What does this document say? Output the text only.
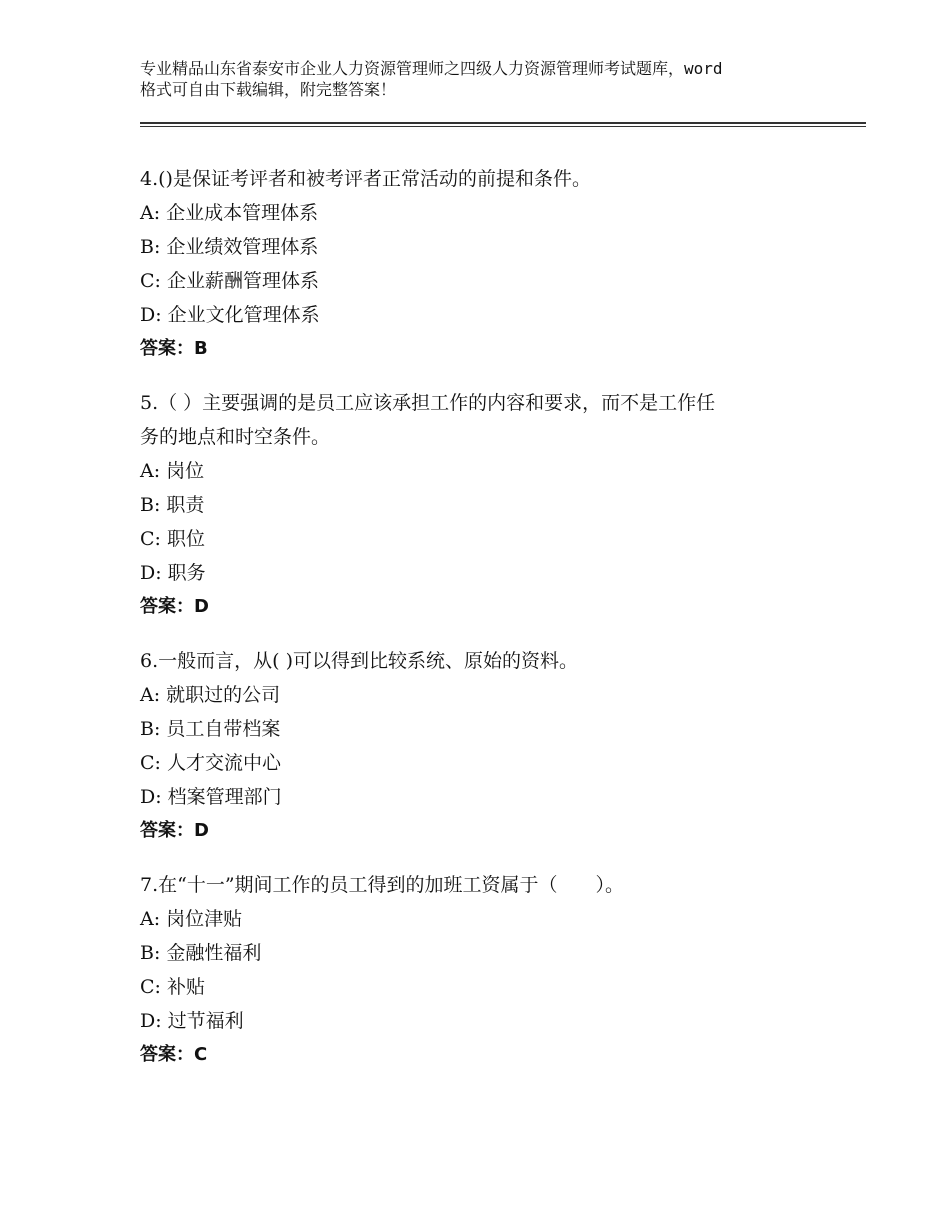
专业精品山东省泰安市企业人力资源管理师之四级人力资源管理师考试题库，word
格式可自由下载编辑，附完整答案！
4.()是保证考评者和被考评者正常活动的前提和条件。
A: 企业成本管理体系
B: 企业绩效管理体系
C: 企业薪酬管理体系
D: 企业文化管理体系
答案：B
5.（ ）主要强调的是员工应该承担工作的内容和要求，而不是工作任
务的地点和时空条件。
A: 岗位
B: 职责
C: 职位
D: 职务
答案：D
6.一般而言，从( )可以得到比较系统、原始的资料。
A: 就职过的公司
B: 员工自带档案
C: 人才交流中心
D: 档案管理部门
答案：D
7.在“十一”期间工作的员工得到的加班工资属于（　　）。
A: 岗位津贴
B: 金融性福利
C: 补贴
D: 过节福利
答案：C
